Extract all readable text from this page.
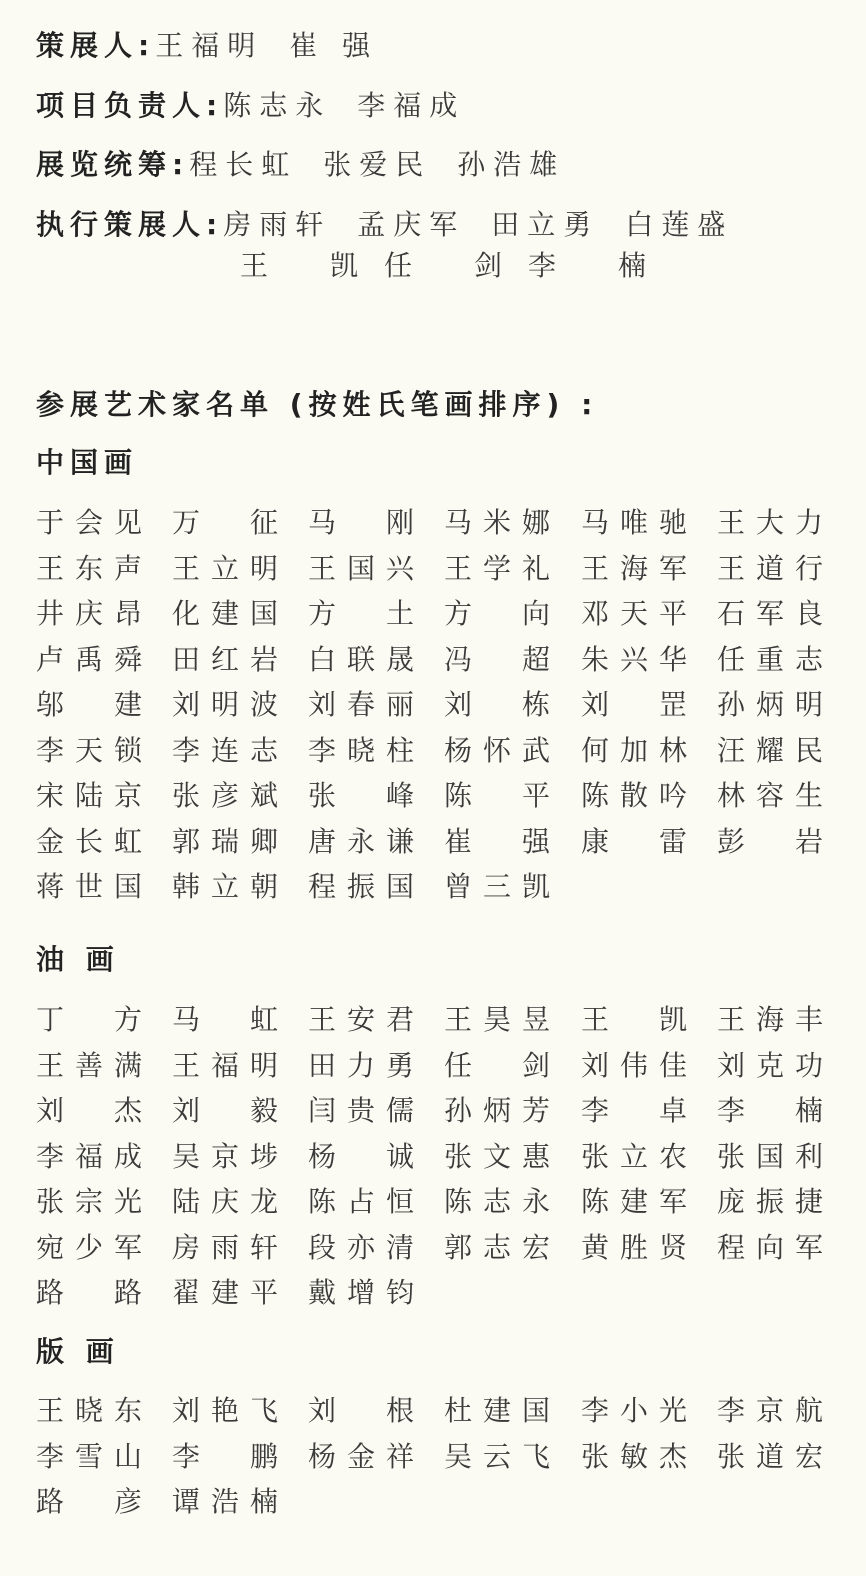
策展人: 王福明 崔 强
项目负责人: 陈志永 李福成
展览统筹: 程长虹 张爱民 孙浩雄
执行策展人: 房雨轩 孟庆军 田立勇 白莲盛
王 凯 任 剑 李 楠
参展艺术家名单 (按姓氏笔画排序) :
中国画
于 会 见 万 征 马 刚 马 米 娜 马 唯 驰 王 大 力
王 东 声 王 立 明 王 国 兴 王 学 礼 王 海 军 王 道 行
井 庆 昂 化 建 国 方 土 方 向 邓 天 平 石 军 良
卢 禹 舜 田 红 岩 白 联 晟 冯 超 朱 兴 华 任 重 志
邬 建 刘 明 波 刘 春 丽 刘 栋 刘 罡 孙 炳 明
李 天 锁 李 连 志 李 晓 柱 杨 怀 武 何 加 林 汪 耀 民
宋 陆 京 张 彦 斌 张 峰 陈 平 陈 散 吟 林 容 生
金 长 虹 郭 瑞 卿 唐 永 谦 崔 强 康 雷 彭 岩
蒋 世 国 韩 立 朝 程 振 国 曾 三 凯
油 画
丁 方 马 虹 王 安 君 王 昊 昱 王 凯 王 海 丰
王 善 满 王 福 明 田 力 勇 任 剑 刘 伟 佳 刘 克 功
刘 杰 刘 毅 闫 贵 儒 孙 炳 芳 李 卓 李 楠
李 福 成 吴 京 埗 杨 诚 张 文 惠 张 立 农 张 国 利
张 宗 光 陆 庆 龙 陈 占 恒 陈 志 永 陈 建 军 庞 振 捷
宛 少 军 房 雨 轩 段 亦 清 郭 志 宏 黄 胜 贤 程 向 军
路 路 翟 建 平 戴 增 钧
版 画
王 晓 东 刘 艳 飞 刘 根 杜 建 国 李 小 光 李 京 航
李 雪 山 李 鹏 杨 金 祥 吴 云 飞 张 敏 杰 张 道 宏
路 彦 谭 浩 楠
